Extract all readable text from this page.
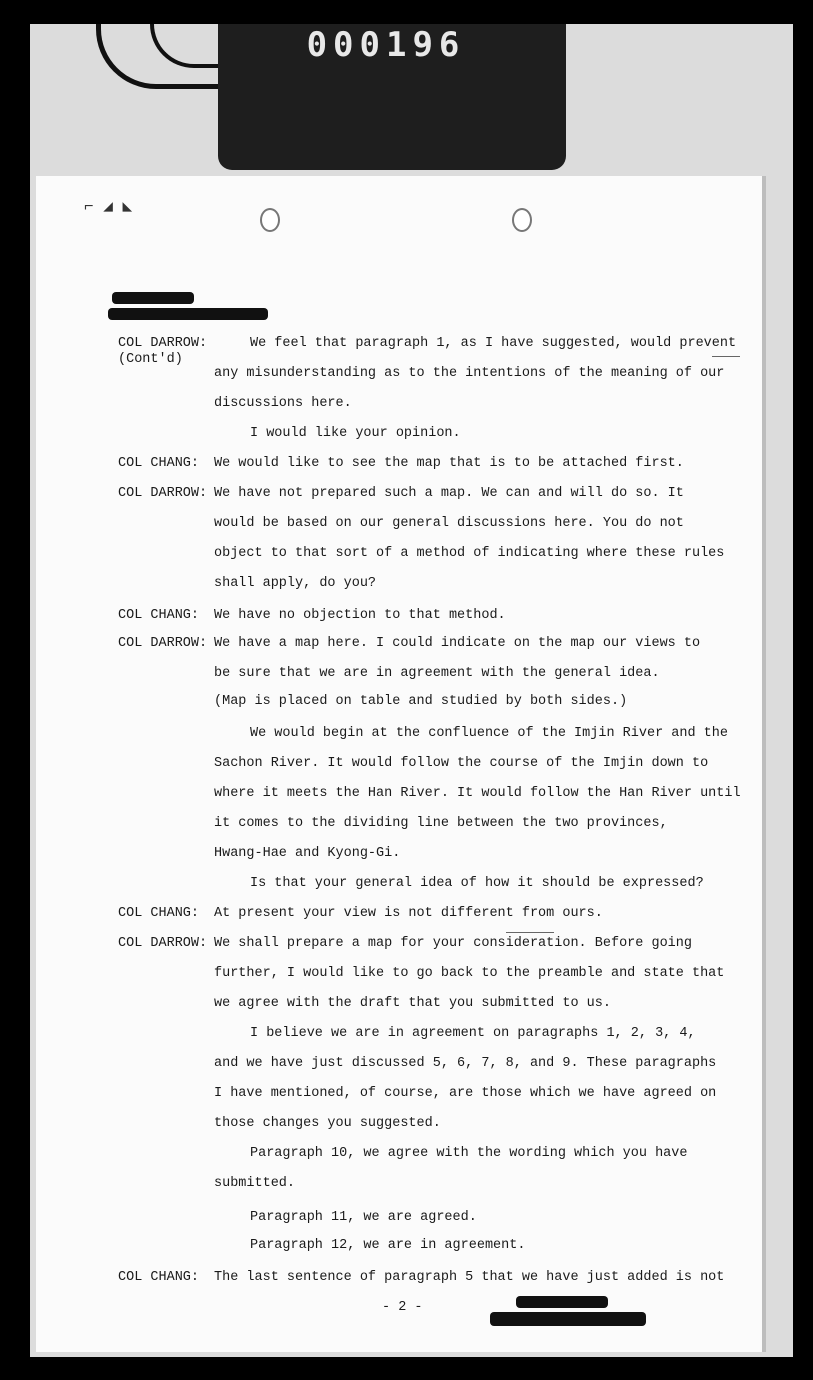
000196
⌐ ◢ ◣
COL DARROW:	We feel that paragraph 1, as I have suggested, would prevent
(Cont'd)
any misunderstanding as to the intentions of the meaning of our
discussions here.
I would like your opinion.
COL CHANG: We would like to see the map that is to be attached first.
COL DARROW: We have not prepared such a map. We can and will do so. It
would be based on our general discussions here. You do not
object to that sort of a method of indicating where these rules
shall apply, do you?
COL CHANG: We have no objection to that method.
COL DARROW: We have a map here. I could indicate on the map our views to
be sure that we are in agreement with the general idea.
(Map is placed on table and studied by both sides.)
We would begin at the confluence of the Imjin River and the
Sachon River. It would follow the course of the Imjin down to
where it meets the Han River. It would follow the Han River until
it comes to the dividing line between the two provinces,
Hwang-Hae and Kyong-Gi.
Is that your general idea of how it should be expressed?
COL CHANG: At present your view is not different from ours.
COL DARROW: We shall prepare a map for your consideration. Before going
further, I would like to go back to the preamble and state that
we agree with the draft that you submitted to us.
I believe we are in agreement on paragraphs 1, 2, 3, 4,
and we have just discussed 5, 6, 7, 8, and 9. These paragraphs
I have mentioned, of course, are those which we have agreed on
those changes you suggested.
Paragraph 10, we agree with the wording which you have
submitted.
Paragraph 11, we are agreed.
Paragraph 12, we are in agreement.
COL CHANG: The last sentence of paragraph 5 that we have just added is not
- 2 -
